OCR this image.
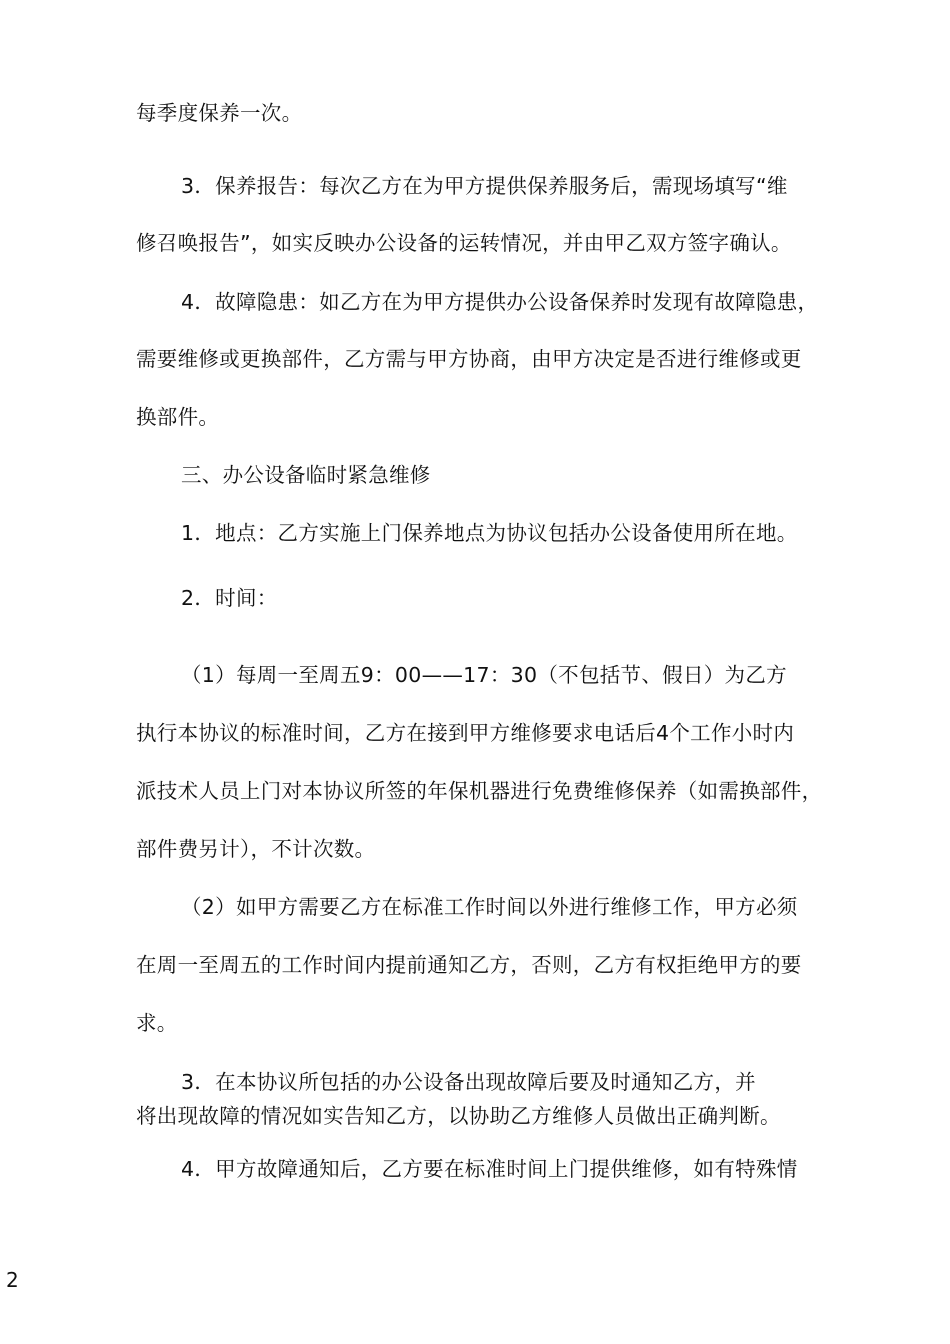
每季度保养一次。
3．保养报告：每次乙方在为甲方提供保养服务后，需现场填写“维
修召唤报告”，如实反映办公设备的运转情况，并由甲乙双方签字确认。
4．故障隐患：如乙方在为甲方提供办公设备保养时发现有故障隐患，
需要维修或更换部件，乙方需与甲方协商，由甲方决定是否进行维修或更
换部件。
三、办公设备临时紧急维修
1．地点：乙方实施上门保养地点为协议包括办公设备使用所在地。
2．时间：
（1）每周一至周五9：00——17：30（不包括节、假日）为乙方
执行本协议的标准时间，乙方在接到甲方维修要求电话后4个工作小时内
派技术人员上门对本协议所签的年保机器进行免费维修保养（如需换部件，
部件费另计），不计次数。
（2）如甲方需要乙方在标准工作时间以外进行维修工作，甲方必须
在周一至周五的工作时间内提前通知乙方，否则，乙方有权拒绝甲方的要
求。
3．在本协议所包括的办公设备出现故障后要及时通知乙方，并
将出现故障的情况如实告知乙方，以协助乙方维修人员做出正确判断。
4．甲方故障通知后，乙方要在标准时间上门提供维修，如有特殊情
2
